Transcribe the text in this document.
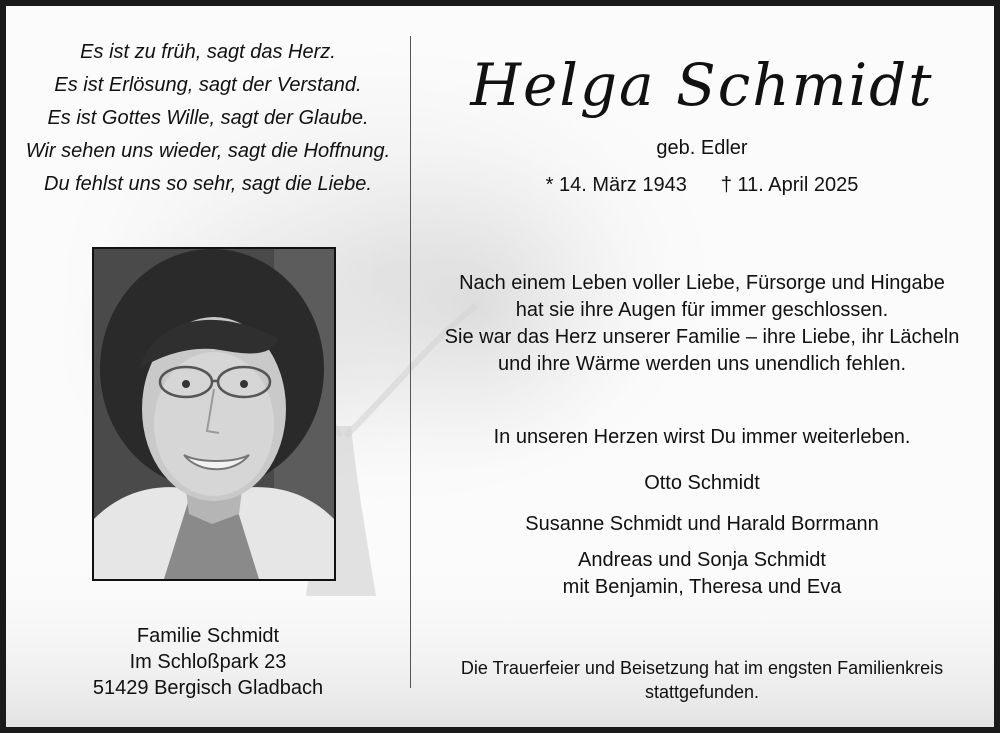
Es ist zu früh, sagt das Herz.
Es ist Erlösung, sagt der Verstand.
Es ist Gottes Wille, sagt der Glaube.
Wir sehen uns wieder, sagt die Hoffnung.
Du fehlst uns so sehr, sagt die Liebe.
Familie Schmidt
Im Schloßpark 23
51429 Bergisch Gladbach
Helga Schmidt
geb. Edler
* 14. März 1943 † 11. April 2025
Nach einem Leben voller Liebe, Fürsorge und Hingabe
hat sie ihre Augen für immer geschlossen.
Sie war das Herz unserer Familie – ihre Liebe, ihr Lächeln
und ihre Wärme werden uns unendlich fehlen.
In unseren Herzen wirst Du immer weiterleben.
Otto Schmidt
Susanne Schmidt und Harald Borrmann
Andreas und Sonja Schmidt
mit Benjamin, Theresa und Eva
Die Trauerfeier und Beisetzung hat im engsten Familienkreis
stattgefunden.
